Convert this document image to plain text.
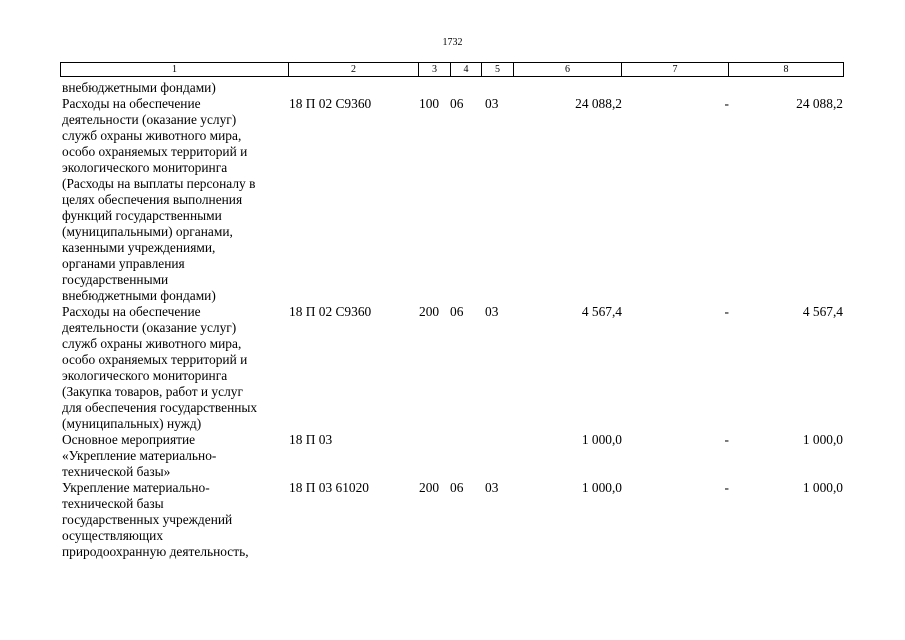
1732
1	2	3	4	5	6	7	8
внебюджетными фондами)
Расходы на обеспечение
деятельности (оказание услуг)
служб охраны животного мира,
особо охраняемых территорий и
экологического мониторинга
(Расходы на выплаты персоналу в
целях обеспечения выполнения
функций государственными
(муниципальными) органами,
казенными учреждениями,
органами управления
государственными
внебюджетными фондами)
18 П 02 С9360	100 06 03	24 088,2	-	24 088,2
Расходы на обеспечение
деятельности (оказание услуг)
служб охраны животного мира,
особо охраняемых территорий и
экологического мониторинга
(Закупка товаров, работ и услуг
для обеспечения государственных
(муниципальных) нужд)
18 П 02 С9360	200 06 03	4 567,4	-	4 567,4
Основное мероприятие
«Укрепление материально-
технической базы»
18 П 03	1 000,0	-	1 000,0
Укрепление материально-
технической базы
государственных учреждений
осуществляющих
природоохранную деятельность,
18 П 03 61020	200 06 03	1 000,0	-	1 000,0
